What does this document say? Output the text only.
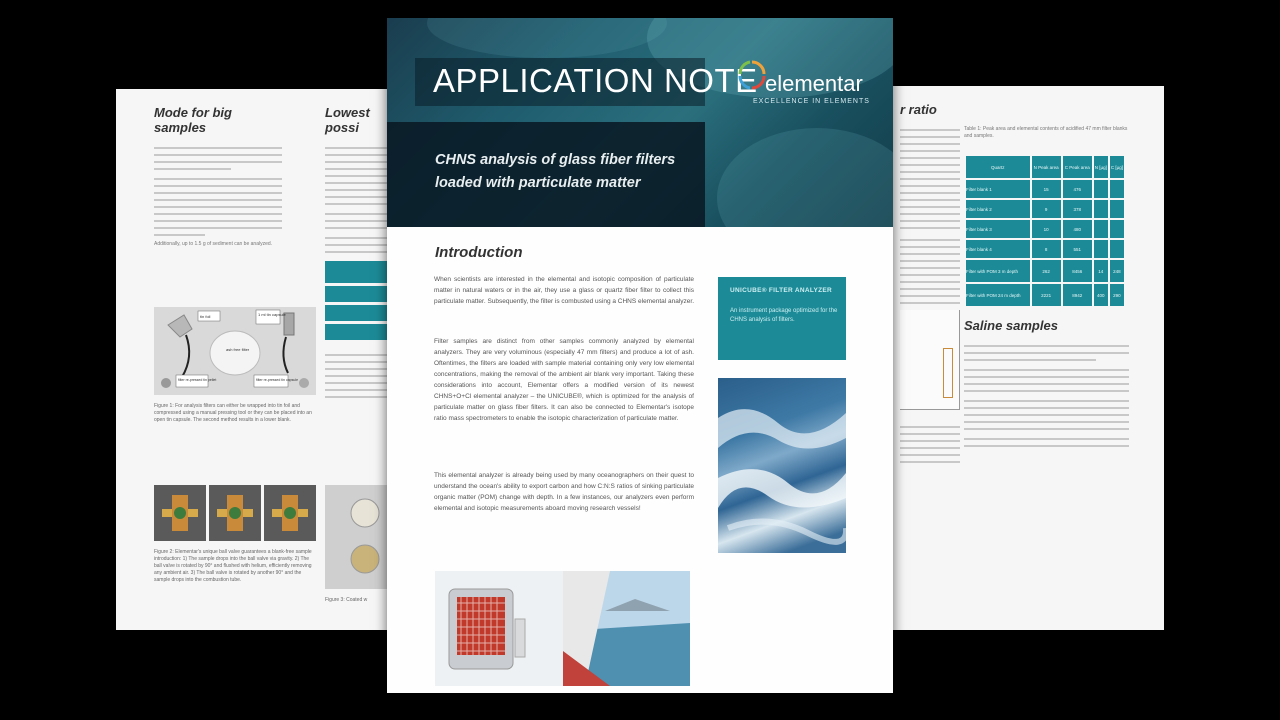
Mode for big samples
Additionally, up to 1.5 g of sediment can be analyzed.
Lowest possi
tin foil	1 ml tin capsule
ash free filter
filter re-pressed tin pellet	filter re-pressed tin capsule
Figure 1: For analysis filters can either be wrapped into tin foil and compressed using a manual pressing tool or they can be placed into an open tin capsule. The second method results in a lower blank.
Figure 2: Elementar's unique ball valve guarantees a blank-free sample introduction: 1) The sample drops into the ball valve via gravity. 2) The ball valve is rotated by 90° and flushed with helium, efficiently removing any ambient air. 3) The ball valve is rotated by another 90° and the sample drops into the combustion tube.
Figure 3: Coated w
r ratio
Table 1: Peak area and elemental contents of acidified 47 mm filter blanks and samples.
Quartz	N Peak area	C Peak area	N [µg]	C [µg]
Filter blank 1	15	476		
Filter blank 2	9	378		
Filter blank 3	10	480		
Filter blank 4	8	551		
Filter with POM 3 m depth	262	8456	14	248
Filter with POM 24 m depth	2221	8942	400	290
Saline samples
APPLICATION NOTE
CHNS analysis of glass fiber filters loaded with particulate matter
elementar
EXCELLENCE IN ELEMENTS
Introduction
When scientists are interested in the elemental and isotopic composition of particulate matter in natural waters or in the air, they use a glass or quartz fiber filter to collect this particulate matter. Subsequently, the filter is combusted using a CHNS elemental analyzer.
Filter samples are distinct from other samples commonly analyzed by elemental analyzers. They are very voluminous (especially 47 mm filters) and produce a lot of ash. Oftentimes, the filters are loaded with sample material containing only very low elemental concentrations, making the removal of the ambient air blank very important. Taking these considerations into account, Elementar offers a modified version of its newest CHNS+O+Cl elemental analyzer – the UNICUBE®, which is optimized for the analysis of particulate matter on glass fiber filters. It can also be connected to Elementar's isotope ratio mass spectrometers to enable the isotopic characterization of particulate matter.
This elemental analyzer is already being used by many oceanographers on their quest to understand the ocean's ability to export carbon and how C:N:S ratios of sinking particulate organic matter (POM) change with depth. In a few instances, our analyzers even perform elemental and isotopic measurements aboard moving research vessels!
UNICUBE® FILTER ANALYZER
An instrument package optimized for the CHNS analysis of filters.
